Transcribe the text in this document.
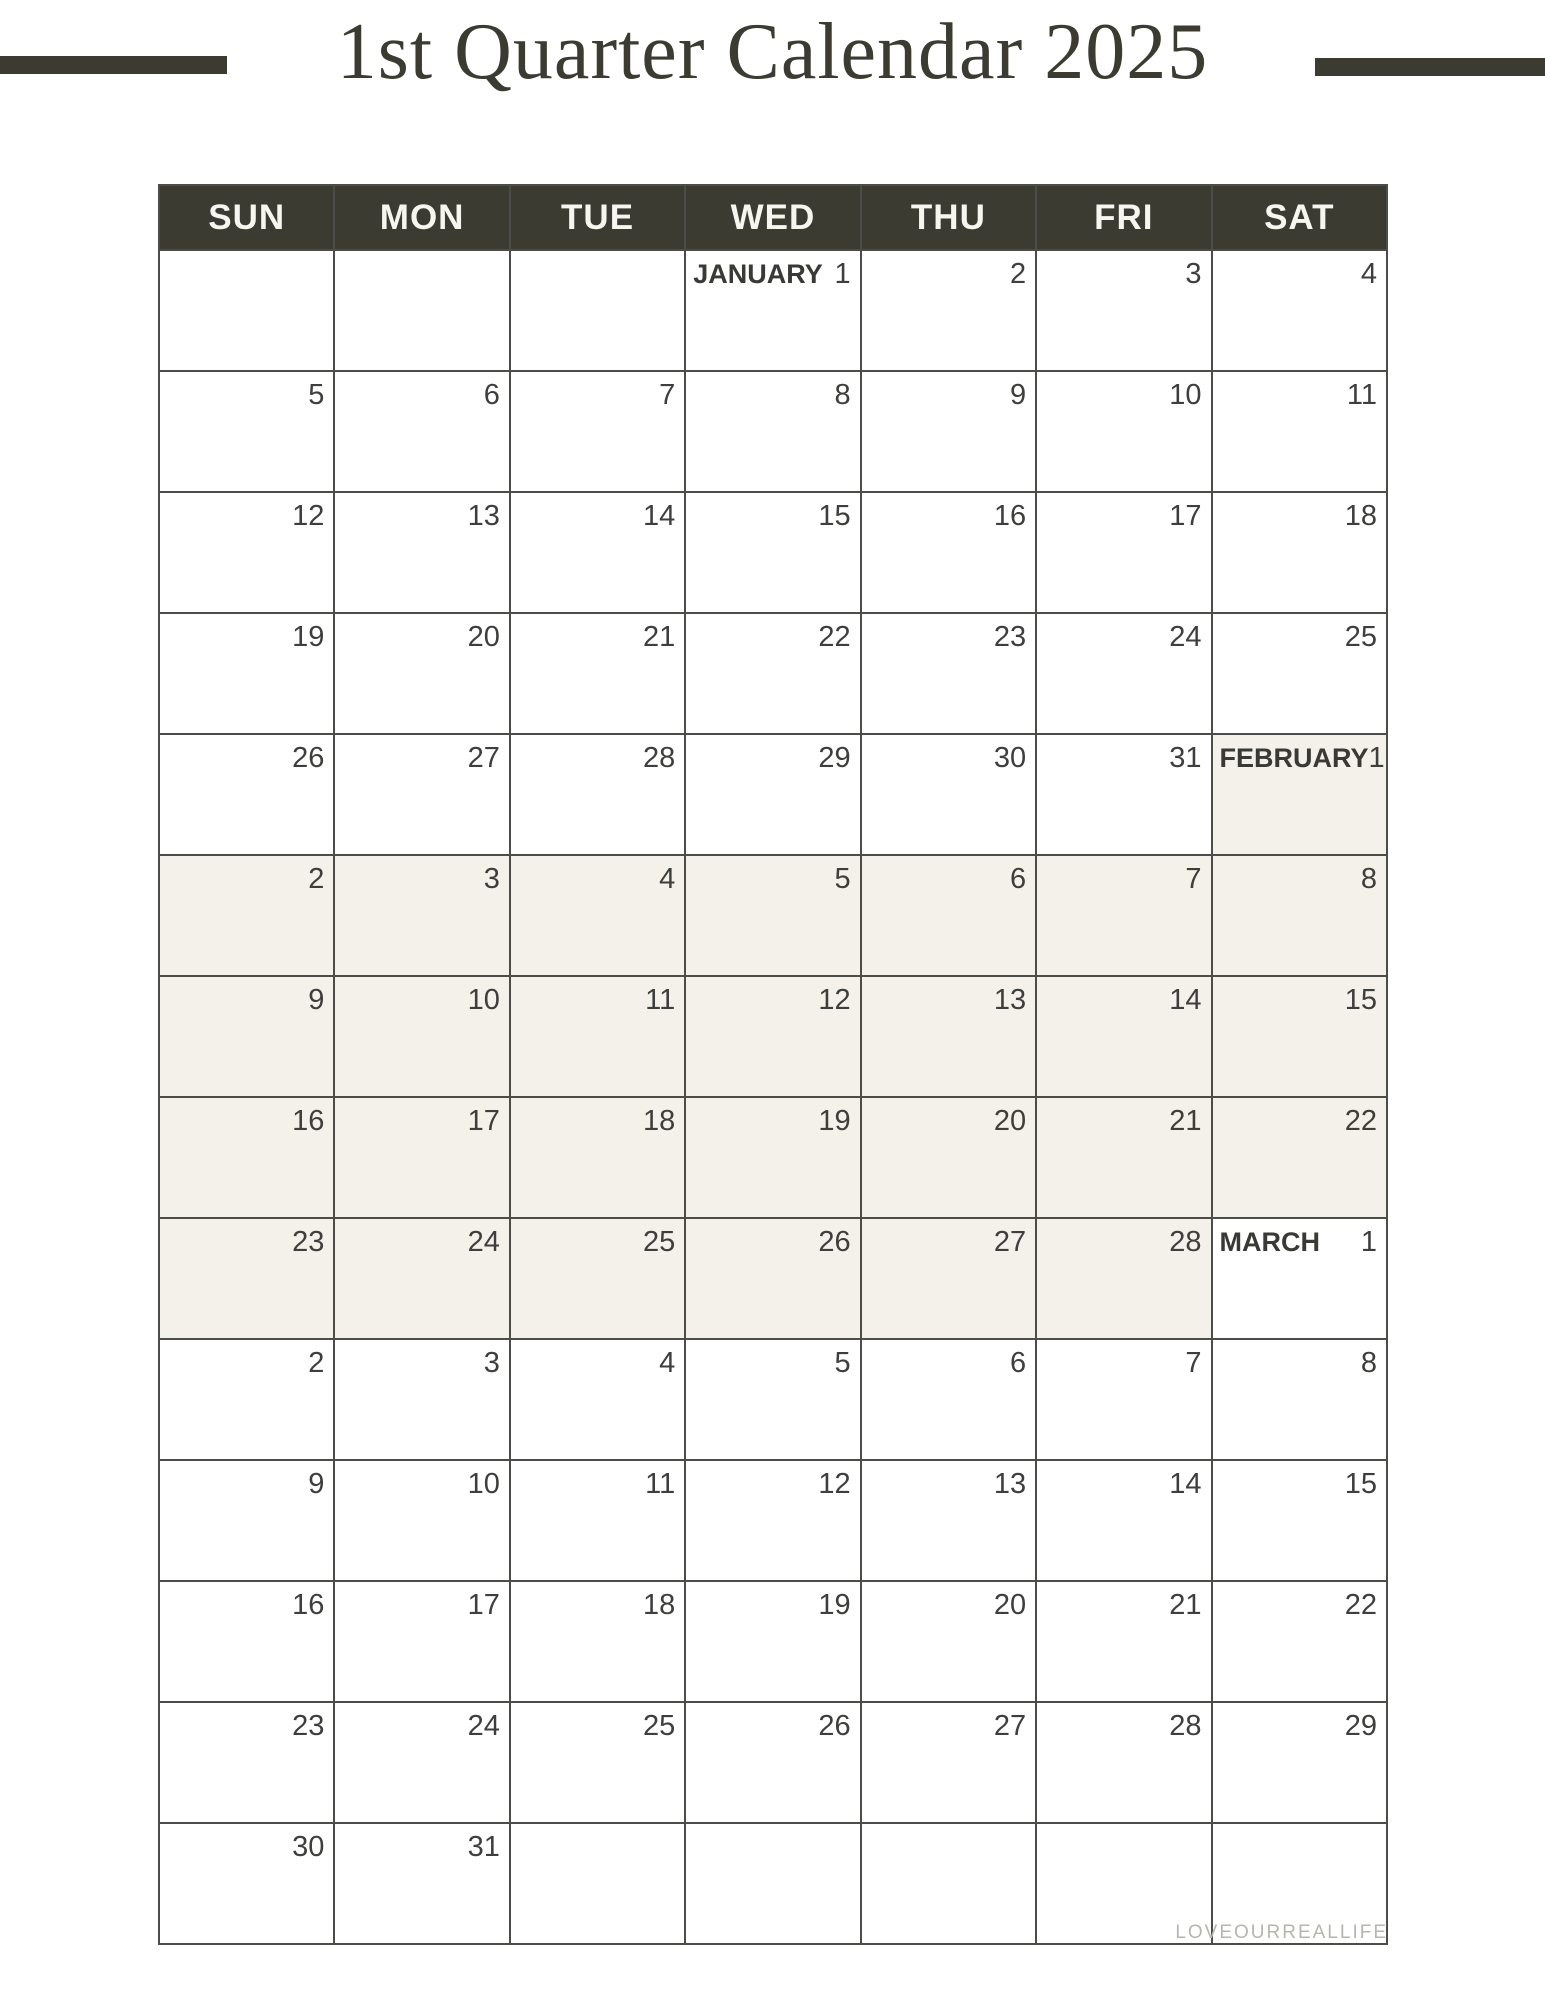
1st Quarter Calendar 2025
SUN	MON	TUE	WED	THU	FRI	SAT

			JANUARY 1	2	3	4

5	6	7	8	9	10	11

12	13	14	15	16	17	18

19	20	21	22	23	24	25

26	27	28	29	30	31	FEBRUARY 1

2	3	4	5	6	7	8

9	10	11	12	13	14	15

16	17	18	19	20	21	22

23	24	25	26	27	28	MARCH 1

2	3	4	5	6	7	8

9	10	11	12	13	14	15

16	17	18	19	20	21	22

23	24	25	26	27	28	29

30	31					

LOVEOURREALLIFE
